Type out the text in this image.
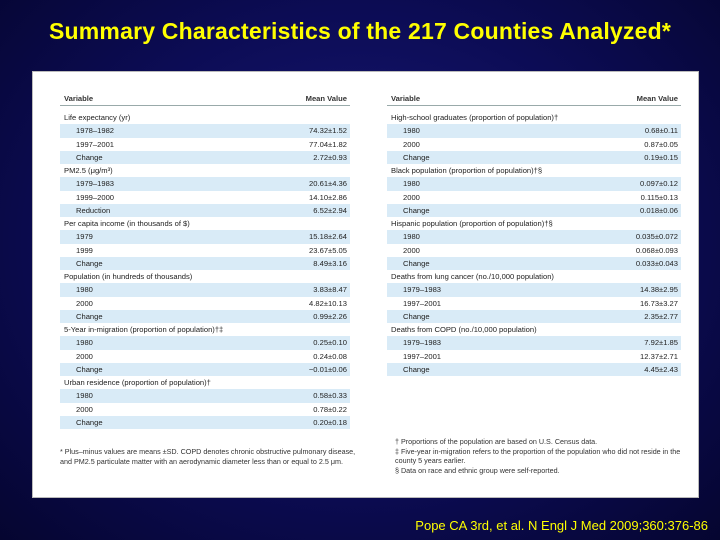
Summary Characteristics of the 217 Counties Analyzed*
Variable	Mean Value
Life expectancy (yr)
1978–1982	74.32±1.52
1997–2001	77.04±1.82
Change	2.72±0.93
PM2.5 (μg/m³)
1979–1983	20.61±4.36
1999–2000	14.10±2.86
Reduction	6.52±2.94
Per capita income (in thousands of $)
1979	15.18±2.64
1999	23.67±5.05
Change	8.49±3.16
Population (in hundreds of thousands)
1980	3.83±8.47
2000	4.82±10.13
Change	0.99±2.26
5-Year in-migration (proportion of population)†‡
1980	0.25±0.10
2000	0.24±0.08
Change	−0.01±0.06
Urban residence (proportion of population)†
1980	0.58±0.33
2000	0.78±0.22
Change	0.20±0.18
Variable	Mean Value
High-school graduates (proportion of population)†
1980	0.68±0.11
2000	0.87±0.05
Change	0.19±0.15
Black population (proportion of population)†§
1980	0.097±0.12
2000	0.115±0.13
Change	0.018±0.06
Hispanic population (proportion of population)†§
1980	0.035±0.072
2000	0.068±0.093
Change	0.033±0.043
Deaths from lung cancer (no./10,000 population)
1979–1983	14.38±2.95
1997–2001	16.73±3.27
Change	2.35±2.77
Deaths from COPD (no./10,000 population)
1979–1983	7.92±1.85
1997–2001	12.37±2.71
Change	4.45±2.43
* Plus–minus values are means ±SD. COPD denotes chronic obstructive pulmonary disease, and PM2.5 particulate matter with an aerodynamic diameter less than or equal to 2.5 μm.
† Proportions of the population are based on U.S. Census data.
‡ Five-year in-migration refers to the proportion of the population who did not reside in the county 5 years earlier.
§ Data on race and ethnic group were self-reported.
Pope CA 3rd, et al. N Engl J Med 2009;360:376-86
